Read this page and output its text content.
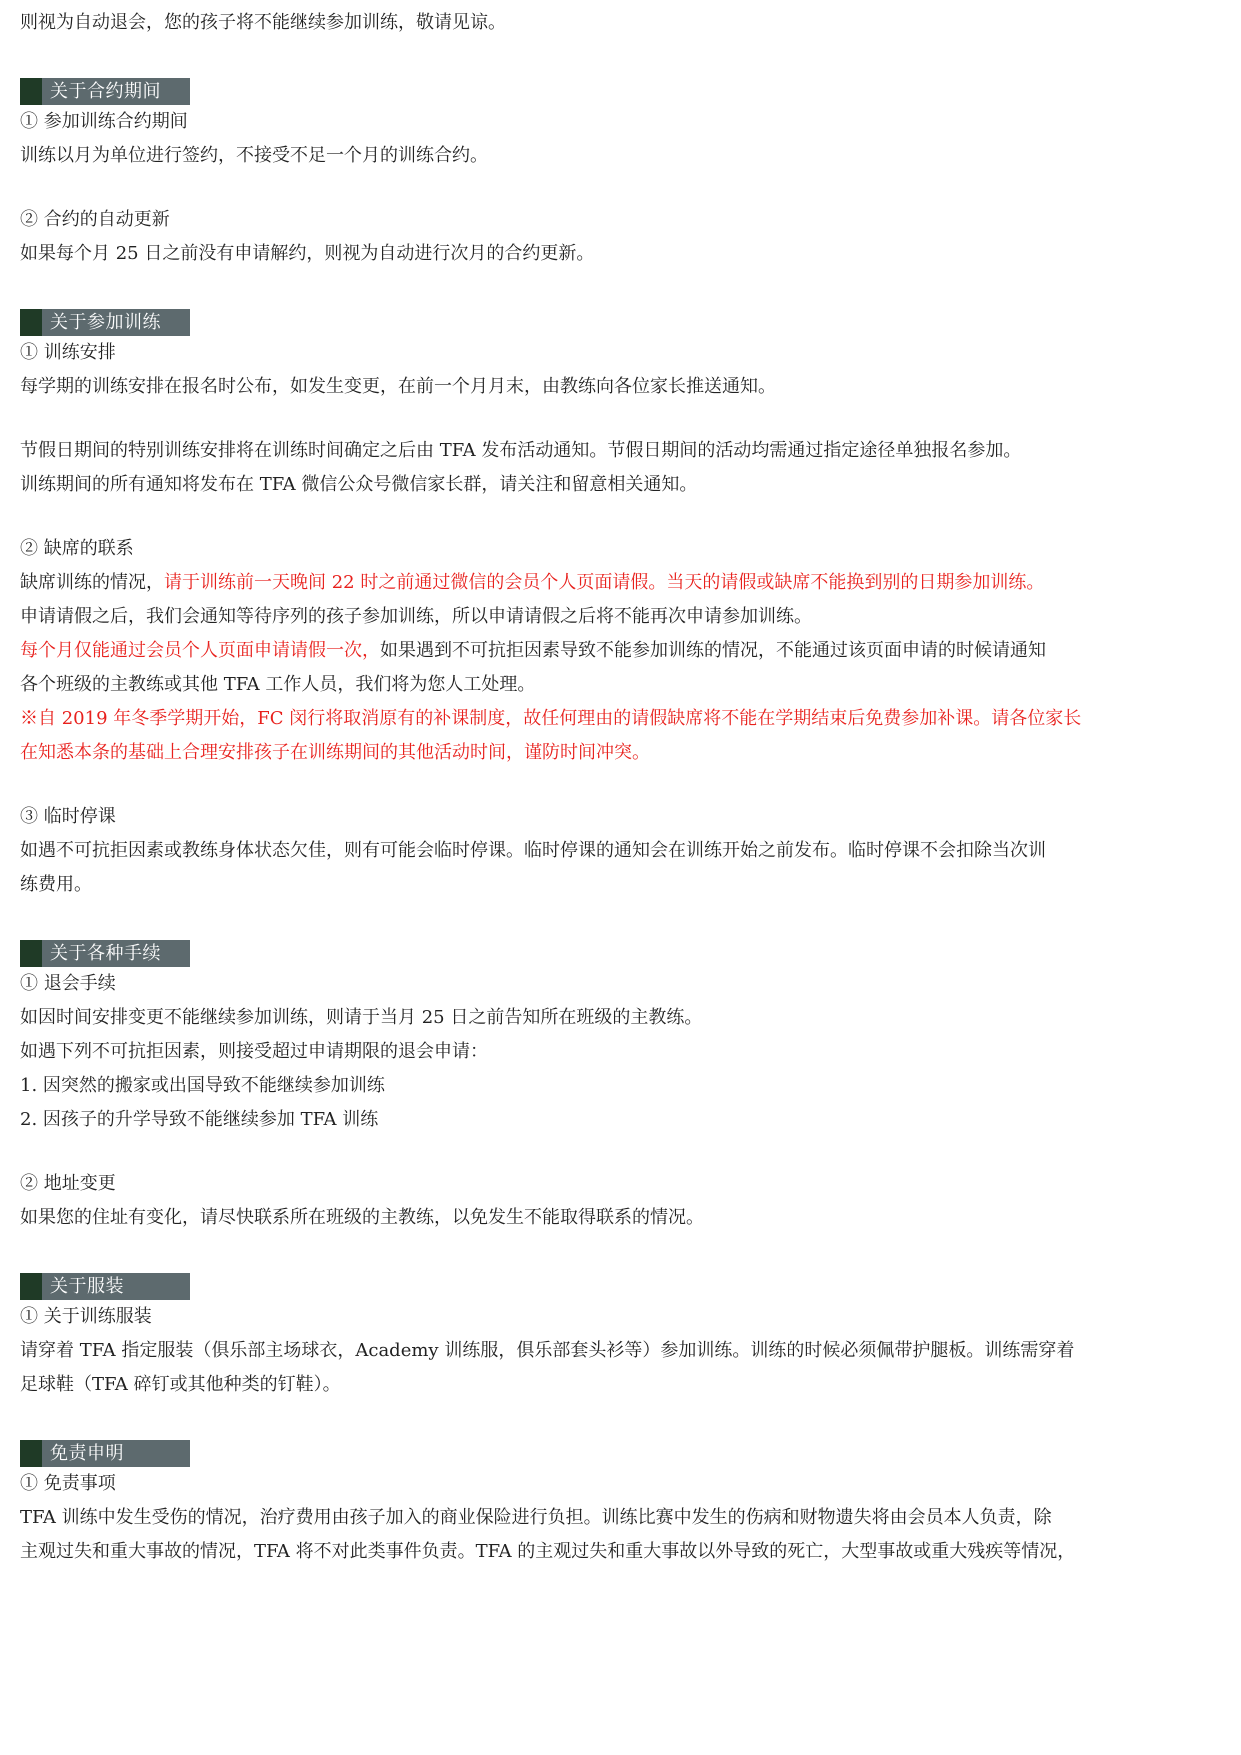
则视为自动退会，您的孩子将不能继续参加训练，敬请见谅。
关于合约期间
① 参加训练合约期间
训练以月为单位进行签约，不接受不足一个月的训练合约。
② 合约的自动更新
如果每个月 25 日之前没有申请解约，则视为自动进行次月的合约更新。
关于参加训练
① 训练安排
每学期的训练安排在报名时公布，如发生变更，在前一个月月末，由教练向各位家长推送通知。
节假日期间的特别训练安排将在训练时间确定之后由 TFA 发布活动通知。节假日期间的活动均需通过指定途径单独报名参加。
训练期间的所有通知将发布在 TFA 微信公众号微信家长群，请关注和留意相关通知。
② 缺席的联系
缺席训练的情况，请于训练前一天晚间 22 时之前通过微信的会员个人页面请假。当天的请假或缺席不能换到别的日期参加训练。
申请请假之后，我们会通知等待序列的孩子参加训练，所以申请请假之后将不能再次申请参加训练。
每个月仅能通过会员个人页面申请请假一次，如果遇到不可抗拒因素导致不能参加训练的情况，不能通过该页面申请的时候请通知
各个班级的主教练或其他 TFA 工作人员，我们将为您人工处理。
※自 2019 年冬季学期开始，FC 闵行将取消原有的补课制度，故任何理由的请假缺席将不能在学期结束后免费参加补课。请各位家长
在知悉本条的基础上合理安排孩子在训练期间的其他活动时间，谨防时间冲突。
③ 临时停课
如遇不可抗拒因素或教练身体状态欠佳，则有可能会临时停课。临时停课的通知会在训练开始之前发布。临时停课不会扣除当次训
练费用。
关于各种手续
① 退会手续
如因时间安排变更不能继续参加训练，则请于当月 25 日之前告知所在班级的主教练。
如遇下列不可抗拒因素，则接受超过申请期限的退会申请：
1. 因突然的搬家或出国导致不能继续参加训练
2. 因孩子的升学导致不能继续参加 TFA 训练
② 地址变更
如果您的住址有变化，请尽快联系所在班级的主教练，以免发生不能取得联系的情况。
关于服装
① 关于训练服装
请穿着 TFA 指定服装（俱乐部主场球衣，Academy 训练服，俱乐部套头衫等）参加训练。训练的时候必须佩带护腿板。训练需穿着
足球鞋（TFA 碎钉或其他种类的钉鞋）。
免责申明
① 免责事项
TFA 训练中发生受伤的情况，治疗费用由孩子加入的商业保险进行负担。训练比赛中发生的伤病和财物遗失将由会员本人负责，除
主观过失和重大事故的情况，TFA 将不对此类事件负责。TFA 的主观过失和重大事故以外导致的死亡，大型事故或重大残疾等情况，
